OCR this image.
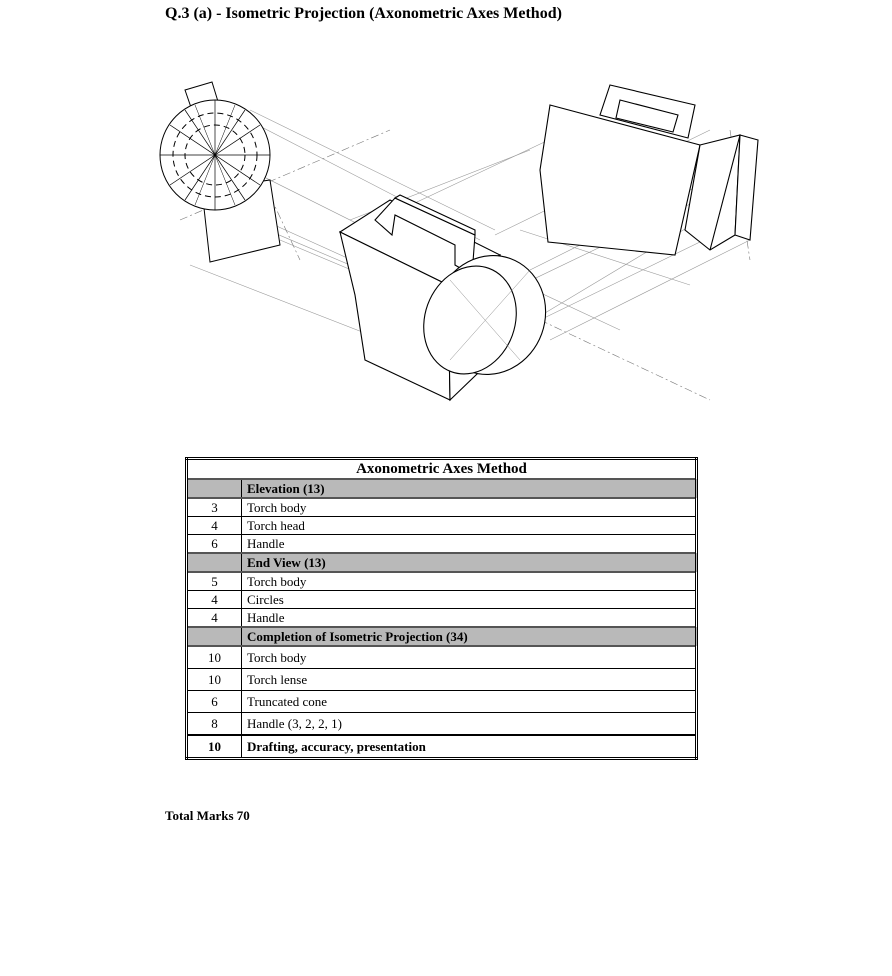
Q.3 (a) - Isometric Projection (Axonometric Axes Method)
Axonometric Axes Method	
	Elevation (13)
3	Torch body
4	Torch head
6	Handle
	End View (13)
5	Torch body
4	Circles
4	Handle
	Completion of Isometric Projection (34)
10	Torch body
10	Torch lense
6	Truncated cone
8	Handle (3, 2, 2, 1)
10	Drafting, accuracy, presentation
Total Marks 70
